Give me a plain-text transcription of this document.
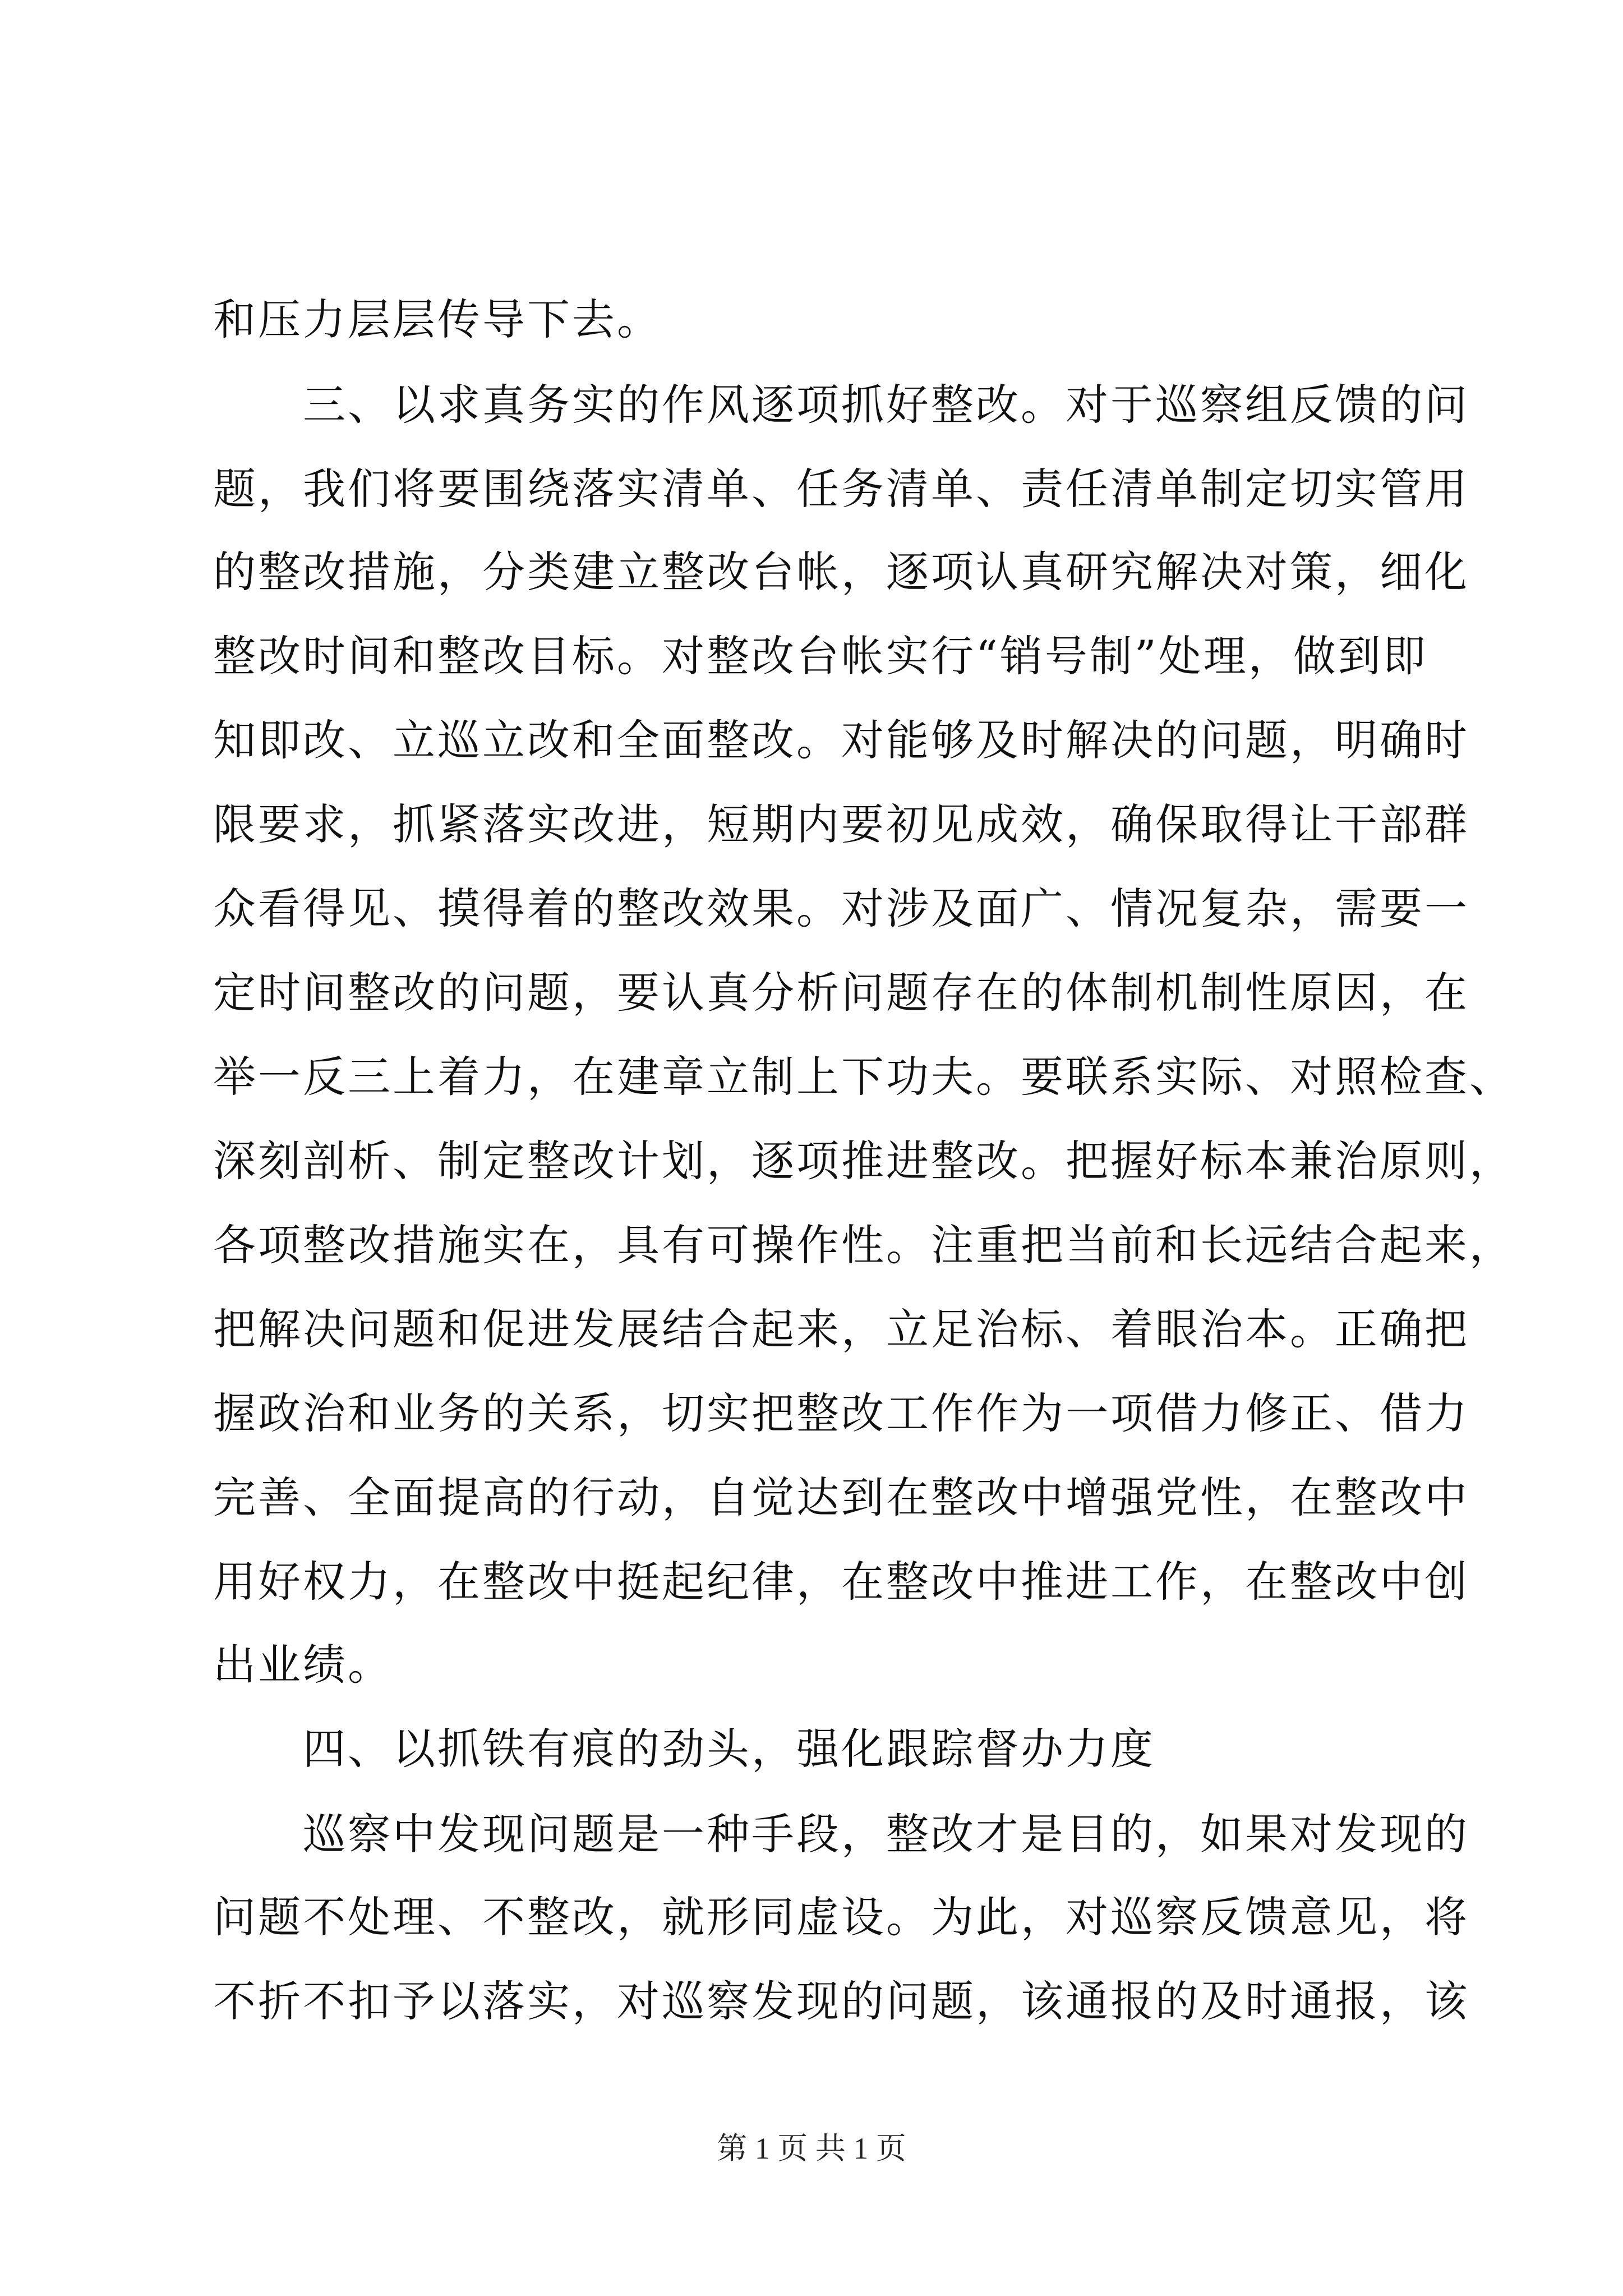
和压力层层传导下去。
三、以求真务实的作风逐项抓好整改。对于巡察组反馈的问
题，我们将要围绕落实清单、任务清单、责任清单制定切实管用
的整改措施，分类建立整改台帐，逐项认真研究解决对策，细化
整改时间和整改目标。对整改台帐实行“销号制”处理，做到即
知即改、立巡立改和全面整改。对能够及时解决的问题，明确时
限要求，抓紧落实改进，短期内要初见成效，确保取得让干部群
众看得见、摸得着的整改效果。对涉及面广、情况复杂，需要一
定时间整改的问题，要认真分析问题存在的体制机制性原因，在
举一反三上着力，在建章立制上下功夫。要联系实际、对照检查、
深刻剖析、制定整改计划，逐项推进整改。把握好标本兼治原则，
各项整改措施实在，具有可操作性。注重把当前和长远结合起来，
把解决问题和促进发展结合起来，立足治标、着眼治本。正确把
握政治和业务的关系，切实把整改工作作为一项借力修正、借力
完善、全面提高的行动，自觉达到在整改中增强党性，在整改中
用好权力，在整改中挺起纪律，在整改中推进工作，在整改中创
出业绩。
四、以抓铁有痕的劲头，强化跟踪督办力度
巡察中发现问题是一种手段，整改才是目的，如果对发现的
问题不处理、不整改，就形同虚设。为此，对巡察反馈意见，将
不折不扣予以落实，对巡察发现的问题，该通报的及时通报，该
第 1 页 共 1 页
